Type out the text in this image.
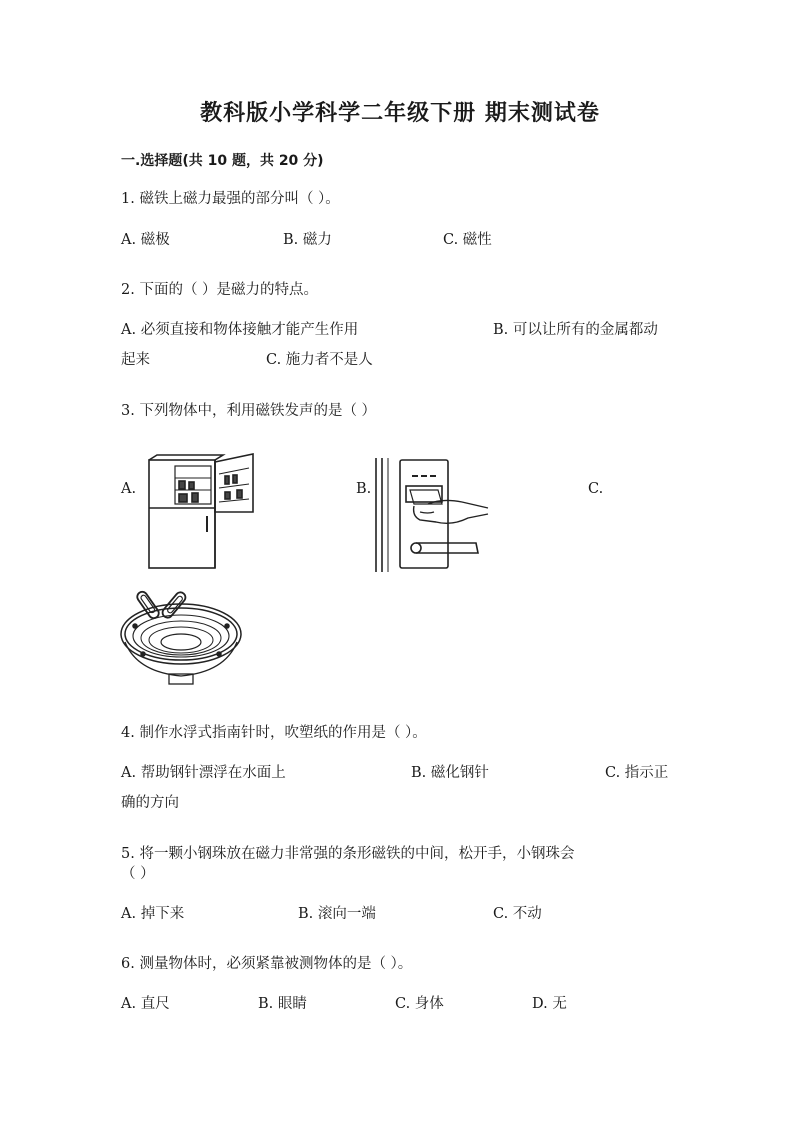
教科版小学科学二年级下册 期末测试卷
一.选择题(共 10 题，共 20 分)
1. 磁铁上磁力最强的部分叫（ ）。
A. 磁极	B. 磁力	C. 磁性
2. 下面的（ ）是磁力的特点。
A. 必须直接和物体接触才能产生作用	B. 可以让所有的金属都动
起来	C. 施力者不是人
3. 下列物体中，利用磁铁发声的是（ ）
A.	B.	C.
4. 制作水浮式指南针时，吹塑纸的作用是（ ）。
A. 帮助钢针漂浮在水面上	B. 磁化钢针	C. 指示正
确的方向
5. 将一颗小钢珠放在磁力非常强的条形磁铁的中间，松开手，小钢珠会
（ ）
A. 掉下来	B. 滚向一端	C. 不动
6. 测量物体时，必须紧靠被测物体的是（ ）。
A. 直尺	B. 眼睛	C. 身体	D. 无
